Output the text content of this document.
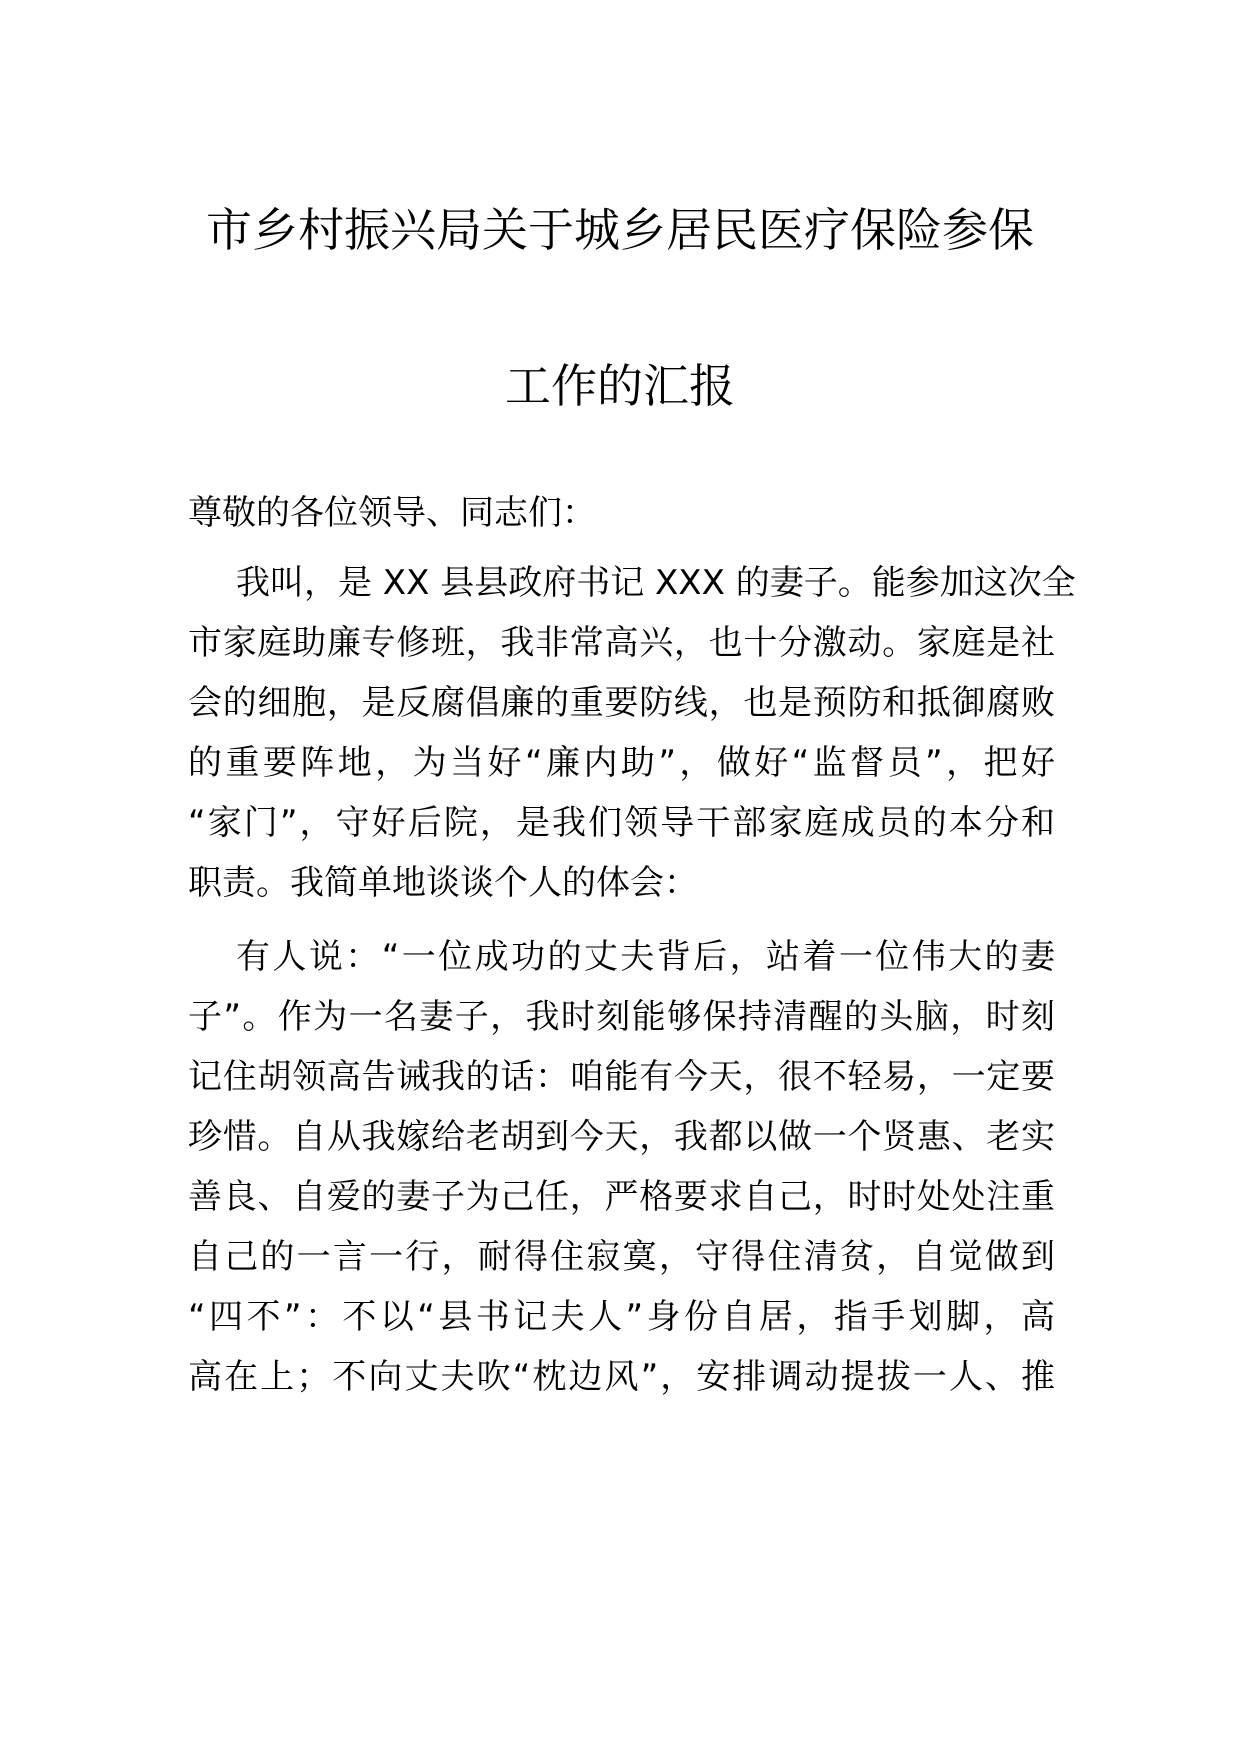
市乡村振兴局关于城乡居民医疗保险参保
工作的汇报
尊敬的各位领导、同志们：
我叫，是 XX 县县政府书记 XXX 的妻子。能参加这次全
市家庭助廉专修班，我非常高兴，也十分激动。家庭是社
会的细胞，是反腐倡廉的重要防线，也是预防和抵御腐败
的重要阵地，为当好“廉内助”，做好“监督员”，把好
“家门”，守好后院，是我们领导干部家庭成员的本分和
职责。我简单地谈谈个人的体会：
有人说：“一位成功的丈夫背后，站着一位伟大的妻
子”。作为一名妻子，我时刻能够保持清醒的头脑，时刻
记住胡领高告诫我的话：咱能有今天，很不轻易，一定要
珍惜。自从我嫁给老胡到今天，我都以做一个贤惠、老实
善良、自爱的妻子为己任，严格要求自己，时时处处注重
自己的一言一行，耐得住寂寞，守得住清贫，自觉做到
“四不”：不以“县书记夫人”身份自居，指手划脚，高
高在上；不向丈夫吹“枕边风”，安排调动提拔一人、推
